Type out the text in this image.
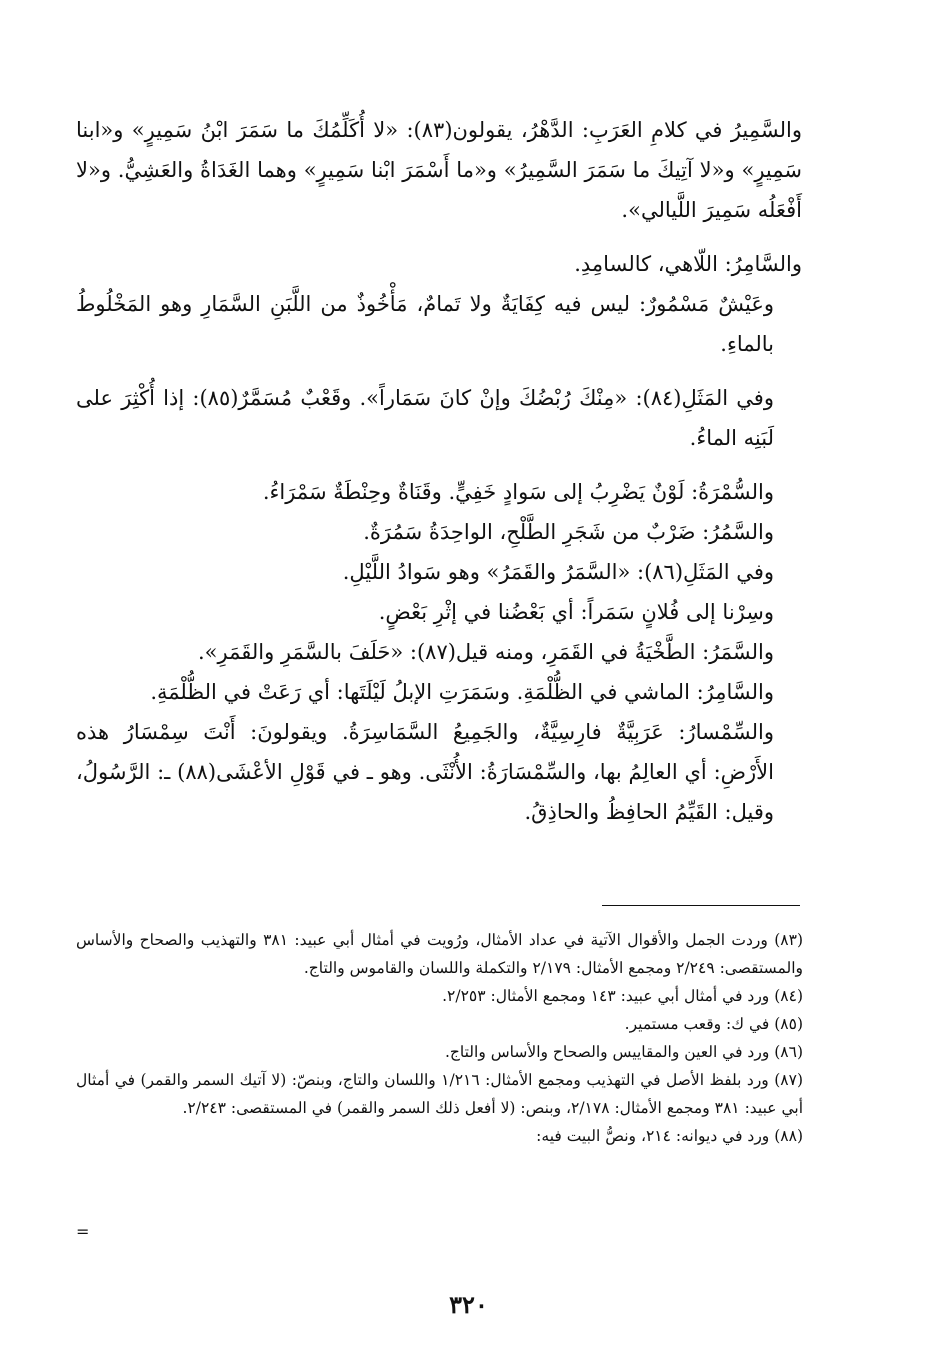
والسَّمِيرُ في كلامِ العَرَبِ: الدَّهْرُ، يقولون(٨٣): «لا أُكَلِّمُكَ ما سَمَرَ ابْنُ سَمِيرٍ» و«ابنا سَمِيرٍ» و«لا آتِيكَ ما سَمَرَ السَّمِيرُ» و«ما أَسْمَرَ ابْنا سَمِيرٍ» وهما الغَدَاةُ والعَشِيُّ. و«لا أَفْعَلُه سَمِيرَ اللَّيالي».

والسَّامِرُ: اللّاهي، كالسامِدِ.

وعَيْشٌ مَسْمُورٌ: ليس فيه كِفَايَةٌ ولا تَمامٌ، مَأْخُوذٌ من اللَّبَنِ السَّمَارِ وهو المَخْلُوطُ بالماءِ.

وفي المَثَلِ(٨٤): «مِنْكَ رُبْضُكَ وإنْ كانَ سَمَاراً». وقَعْبٌ مُسَمَّرٌ(٨٥): إذا أُكْثِرَ على لَبَنِه الماءُ.

والسُّمْرَةُ: لَوْنٌ يَضْرِبُ إلى سَوادٍ خَفِيٍّ. وقَنَاةٌ وحِنْطَةٌ سَمْرَاءُ.

والسَّمُرُ: ضَرْبٌ من شَجَرِ الطَّلْحِ، الواحِدَةُ سَمُرَةٌ.

وفي المَثَلِ(٨٦): «السَّمَرُ والقَمَرُ» وهو سَوادُ اللَّيْلِ.

وسِرْنا إلى فُلانٍ سَمَراً: أي بَعْضُنا في إثْرِ بَعْضٍ.

والسَّمَرُ: الطَّخْيَةُ في القَمَرِ، ومنه قيل(٨٧): «حَلَفَ بالسَّمَرِ والقَمَرِ».

والسَّامِرُ: الماشي في الظُّلْمَةِ. وسَمَرَتِ الإبلُ لَيْلَتَها: أي رَعَتْ في الظُّلْمَةِ.

والسِّمْسارُ: عَرَبِيَّةٌ فارِسِيَّةٌ، والجَمِيعُ السَّمَاسِرَةُ. ويقولونَ: أَنْتَ سِمْسَارُ هذه الأَرْضِ: أي العالِمُ بها، والسِّمْسَارَةُ: الأُنْثَى. وهو ـ في قَوْلِ الأعْشَى(٨٨) ـ: الرَّسُولُ، وقيل: القَيِّمُ الحافِظُ والحاذِقُ.

(٨٣) وردت الجمل والأقوال الآتية في عداد الأمثال، ورُويت في أمثال أبي عبيد: ٣٨١ والتهذيب والصحاح والأساس والمستقصى: ٢/٢٤٩ ومجمع الأمثال: ٢/١٧٩ والتكملة واللسان والقاموس والتاج.

(٨٤) ورد في أمثال أبي عبيد: ١٤٣ ومجمع الأمثال: ٢/٢٥٣.

(٨٥) في ك: وقعب مستمير.

(٨٦) ورد في العين والمقاييس والصحاح والأساس والتاج.

(٨٧) ورد بلفظ الأصل في التهذيب ومجمع الأمثال: ١/٢١٦ واللسان والتاج، وبنصّ: (لا آتيك السمر والقمر) في أمثال أبي عبيد: ٣٨١ ومجمع الأمثال: ٢/١٧٨، وبنص: (لا أفعل ذلك السمر والقمر) في المستقصى: ٢/٢٤٣.

(٨٨) ورد في ديوانه: ٢١٤، ونصُّ البيت فيه:

=
٣٢٠
